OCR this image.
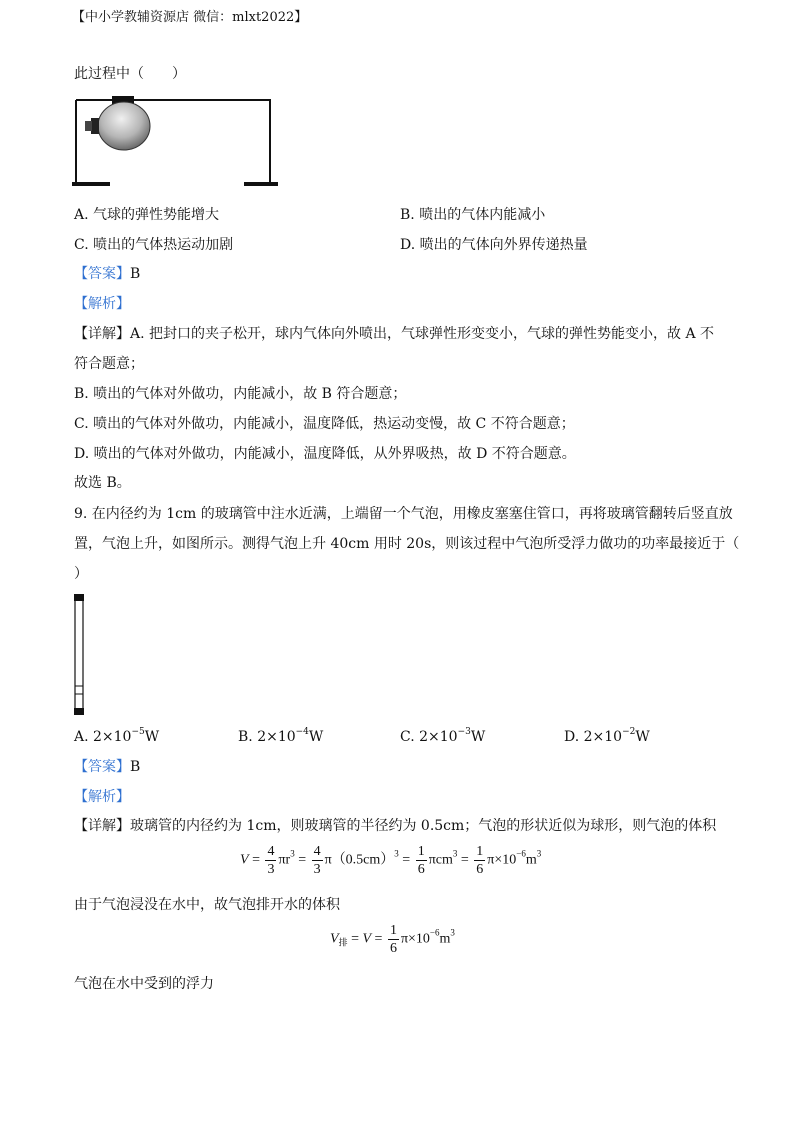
【中小学教辅资源店 微信：mlxt2022】
此过程中（　　）
A. 气球的弹性势能增大	B. 喷出的气体内能减小
C. 喷出的气体热运动加剧	D. 喷出的气体向外界传递热量
【答案】B
【解析】
【详解】A. 把封口的夹子松开，球内气体向外喷出，气球弹性形变变小，气球的弹性势能变小，故 A 不
符合题意；
B. 喷出的气体对外做功，内能减小，故 B 符合题意；
C. 喷出的气体对外做功，内能减小，温度降低，热运动变慢，故 C 不符合题意；
D. 喷出的气体对外做功，内能减小，温度降低，从外界吸热，故 D 不符合题意。
故选 B。
9. 在内径约为 1cm 的玻璃管中注水近满，上端留一个气泡，用橡皮塞塞住管口，再将玻璃管翻转后竖直放
置，气泡上升，如图所示。测得气泡上升 40cm 用时 20s，则该过程中气泡所受浮力做功的功率最接近于（
）
A. $2\times 10^{-5}W$	B. $2\times 10^{-4}W$	C. $2\times 10^{-3}W$	D. $2\times 10^{-2}W$
【答案】B
【解析】
【详解】玻璃管的内径约为 1cm，则玻璃管的半径约为 0.5cm；气泡的形状近似为球形，则气泡的体积
$V = \frac{4}{3} \pi r^3 = \frac{4}{3} \pi(0.5cm)^3 = \frac{1}{6} \pi cm^3 = \frac{1}{6} \pi\times 10^{-6}m^3$
由于气泡浸没在水中，故气泡排开水的体积
$V_排 = V = \frac{1}{6} \pi\times 10^{-6}m^3$
气泡在水中受到的浮力
